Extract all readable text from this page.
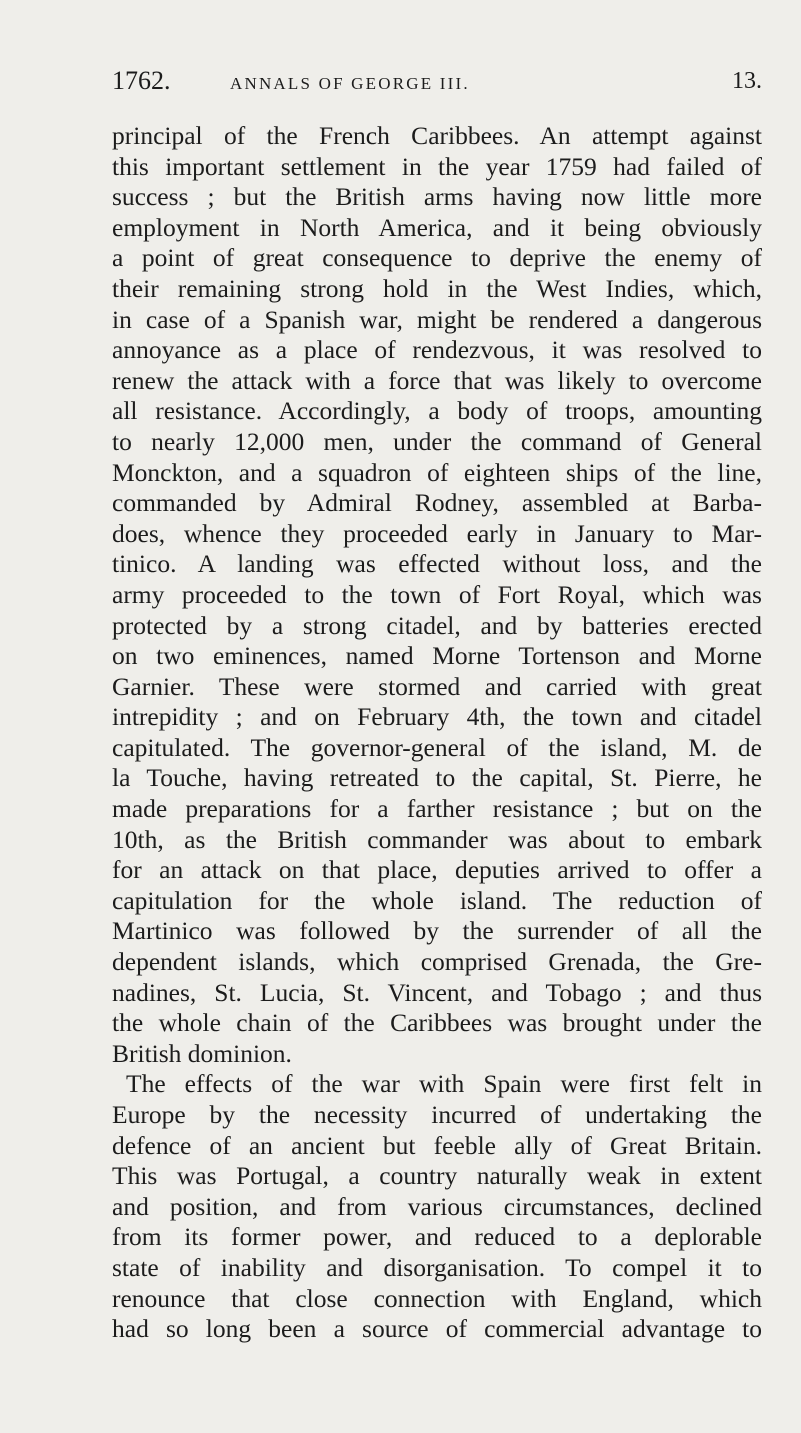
1762.	ANNALS OF GEORGE III.	13.
principal of the French Caribbees. An attempt against
this important settlement in the year 1759 had failed of
success ; but the British arms having now little more
employment in North America, and it being obviously
a point of great consequence to deprive the enemy of
their remaining strong hold in the West Indies, which,
in case of a Spanish war, might be rendered a dangerous
annoyance as a place of rendezvous, it was resolved to
renew the attack with a force that was likely to overcome
all resistance. Accordingly, a body of troops, amounting
to nearly 12,000 men, under the command of General
Monckton, and a squadron of eighteen ships of the line,
commanded by Admiral Rodney, assembled at Barba-
does, whence they proceeded early in January to Mar-
tinico. A landing was effected without loss, and the
army proceeded to the town of Fort Royal, which was
protected by a strong citadel, and by batteries erected
on two eminences, named Morne Tortenson and Morne
Garnier. These were stormed and carried with great
intrepidity ; and on February 4th, the town and citadel
capitulated. The governor-general of the island, M. de
la Touche, having retreated to the capital, St. Pierre, he
made preparations for a farther resistance ; but on the
10th, as the British commander was about to embark
for an attack on that place, deputies arrived to offer a
capitulation for the whole island. The reduction of
Martinico was followed by the surrender of all the
dependent islands, which comprised Grenada, the Gre-
nadines, St. Lucia, St. Vincent, and Tobago ; and thus
the whole chain of the Caribbees was brought under the
British dominion.
The effects of the war with Spain were first felt in
Europe by the necessity incurred of undertaking the
defence of an ancient but feeble ally of Great Britain.
This was Portugal, a country naturally weak in extent
and position, and from various circumstances, declined
from its former power, and reduced to a deplorable
state of inability and disorganisation. To compel it to
renounce that close connection with England, which
had so long been a source of commercial advantage to
